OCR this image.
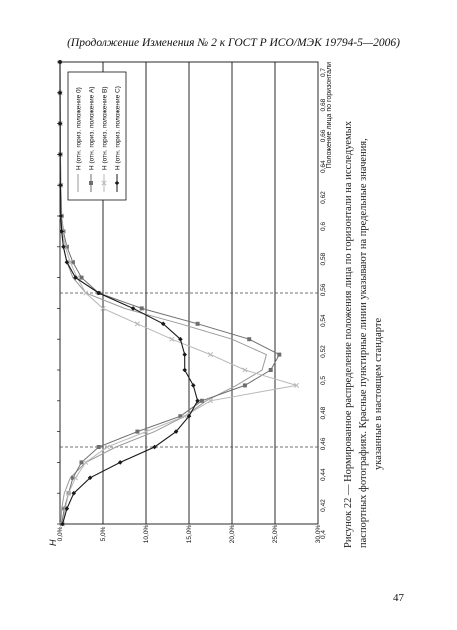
(Продолжение Изменения № 2 к ГОСТ Р ИСО/МЭК 19794-5—2006)
0,4
0,42
0,44
0,46
0,48
0,5
0,52
0,54
0,56
0,58
0,6
0,62
0,64
0,66
0,68
0,7
0,0%	5,0%	10,0%	15,0%	20,0%	25,0%	30,0%
H
Положение лица по горизонтали
H (отн. гориз. положение 0) H (отн. гориз. положение A) H (отн. гориз. положение B) H (отн. гориз. положение C)	Рисунок 22 — Нормированное распределение положения лица по горизонтали на исследуемых паспортных фотографиях. Красные пунктирные линии указывают на предельные значения, указанные в настоящем стандарте
47
